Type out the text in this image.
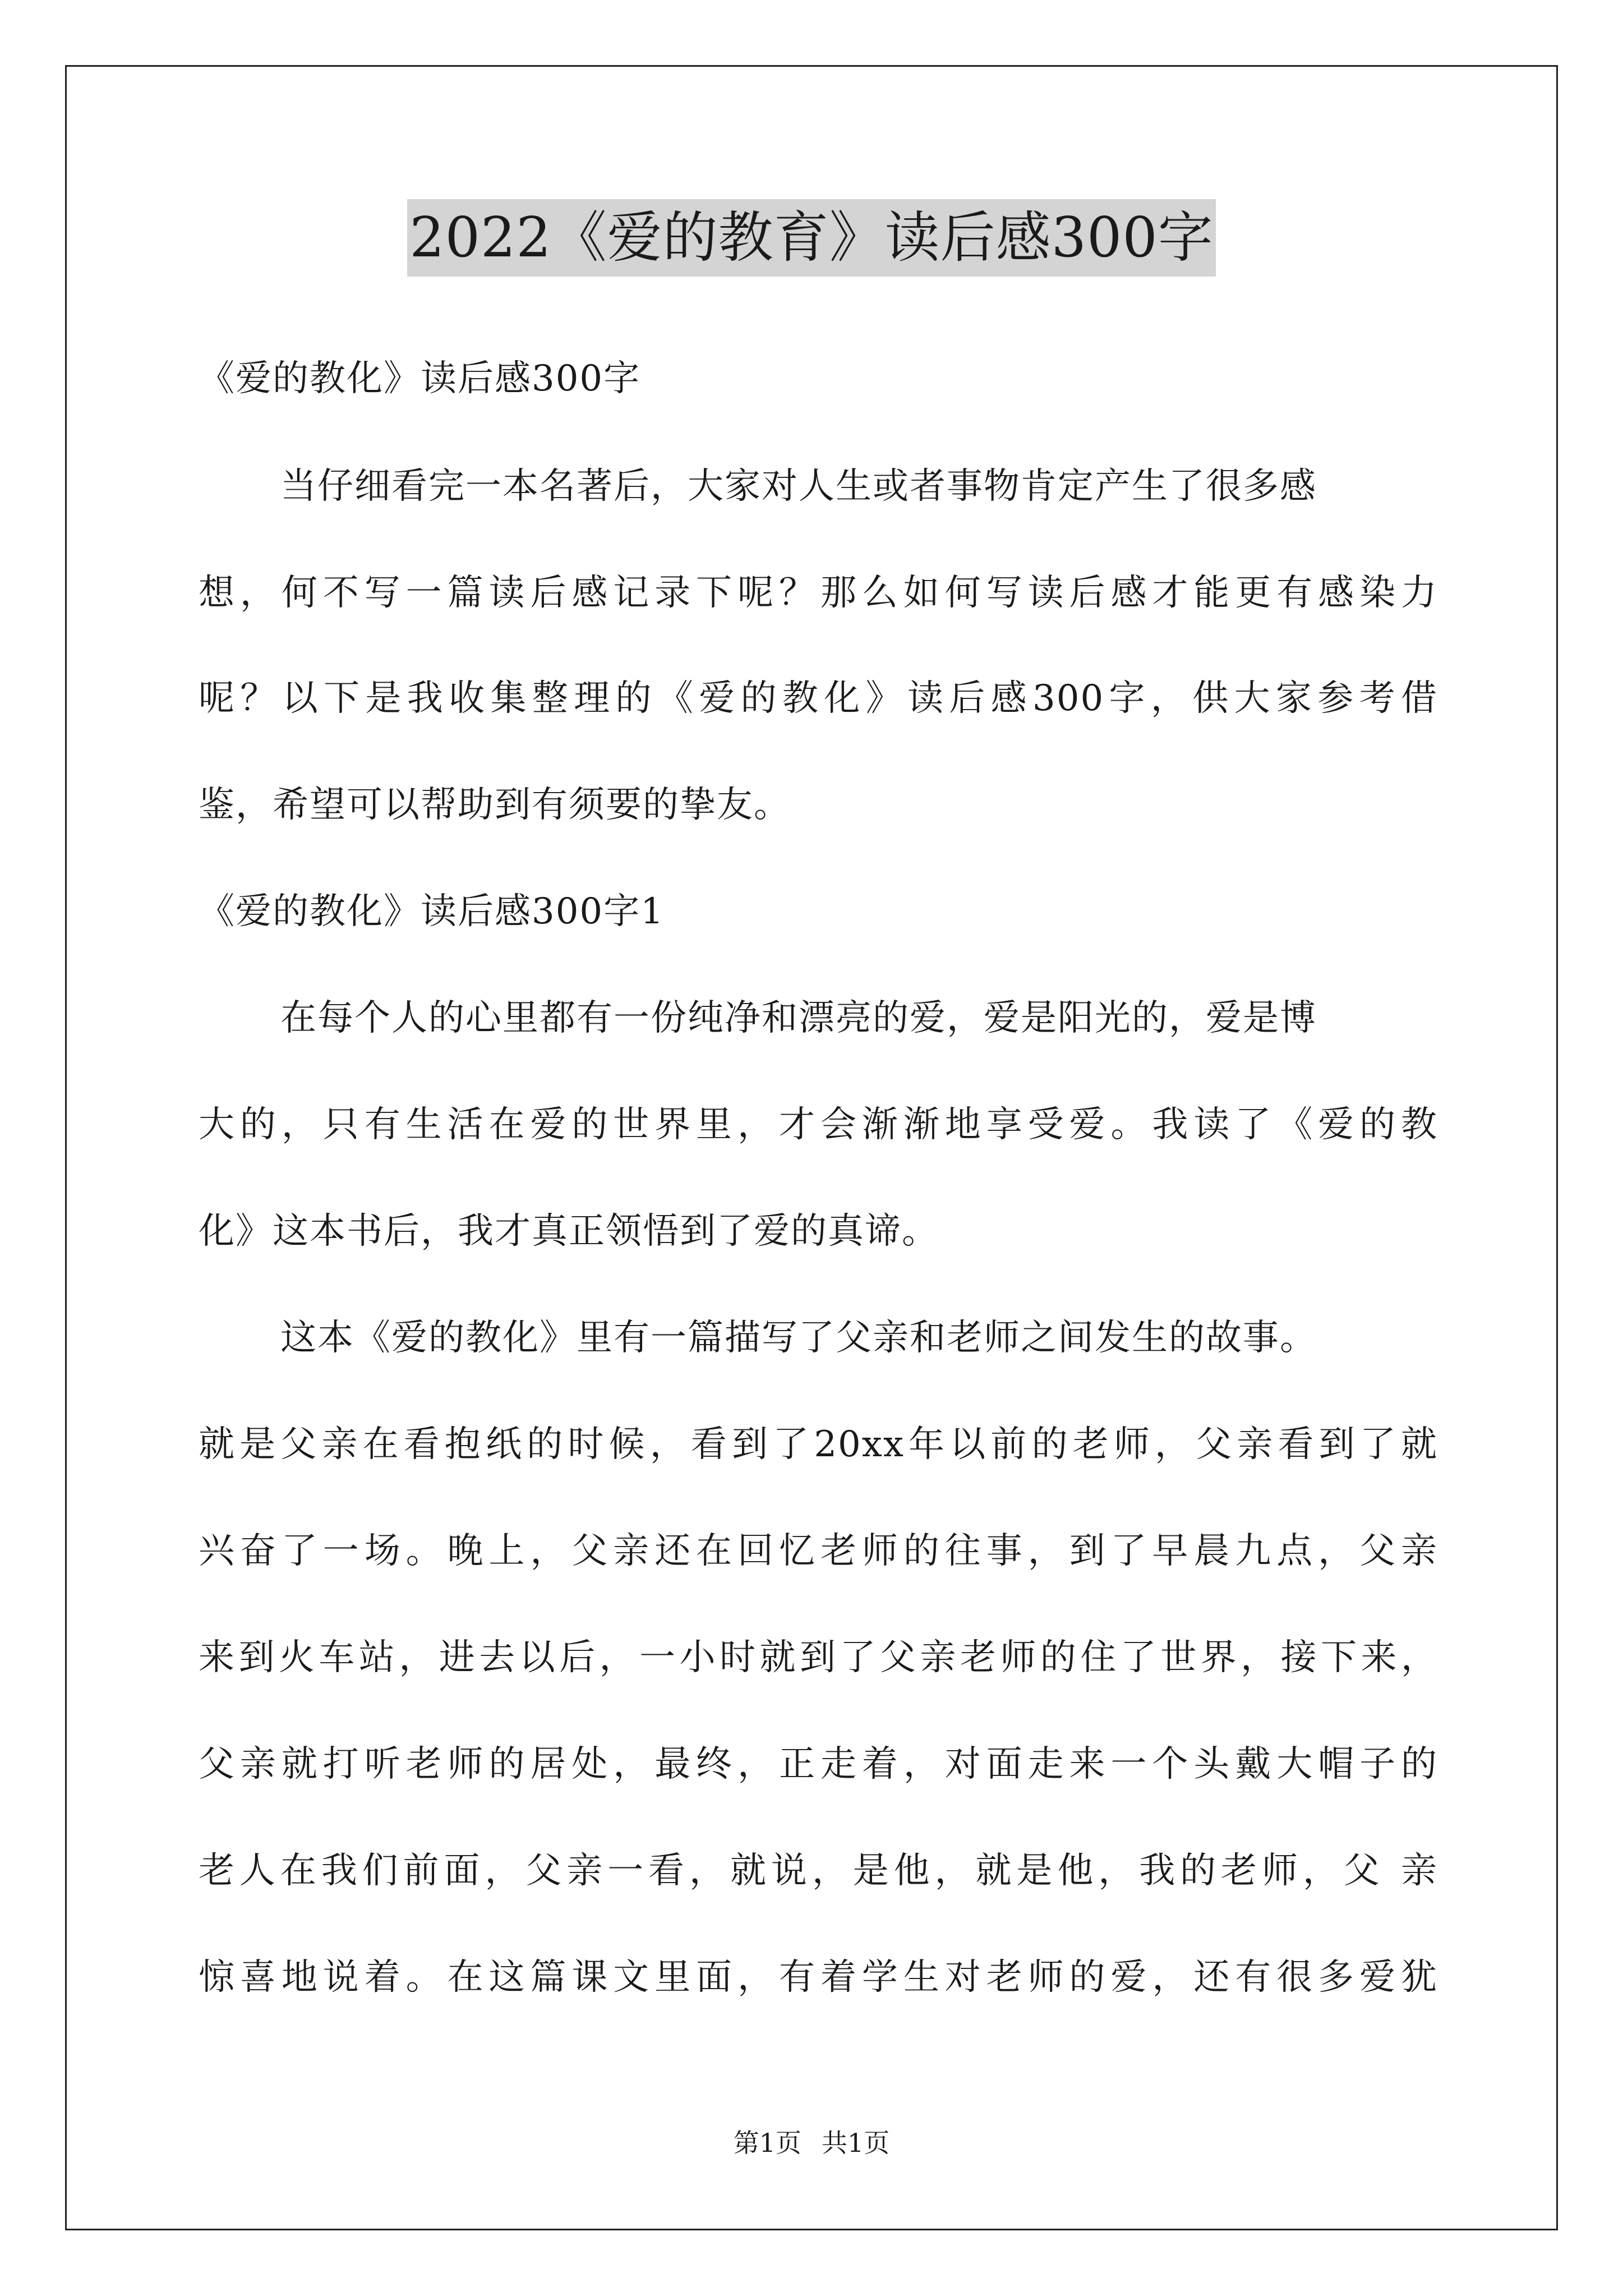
2022《爱的教育》读后感300字
《爱的教化》读后感300字
当仔细看完一本名著后，大家对人生或者事物肯定产生了很多感
想，何不写一篇读后感记录下呢？那么如何写读后感才能更有感染力
呢？以下是我收集整理的《爱的教化》读后感300字，供大家参考借
鉴，希望可以帮助到有须要的挚友。
《爱的教化》读后感300字1
在每个人的心里都有一份纯净和漂亮的爱，爱是阳光的，爱是博
大的，只有生活在爱的世界里，才会渐渐地享受爱。我读了《爱的教
化》这本书后，我才真正领悟到了爱的真谛。
这本《爱的教化》里有一篇描写了父亲和老师之间发生的故事。
就是父亲在看抱纸的时候，看到了20xx年以前的老师，父亲看到了就
兴奋了一场。晚上，父亲还在回忆老师的往事，到了早晨九点，父亲
来到火车站，进去以后，一小时就到了父亲老师的住了世界，接下来，
父亲就打听老师的居处，最终，正走着，对面走来一个头戴大帽子的
老人在我们前面，父亲一看，就说，是他，就是他，我的老师，父 亲
惊喜地说着。在这篇课文里面，有着学生对老师的爱，还有很多爱犹
第1页 共1页
